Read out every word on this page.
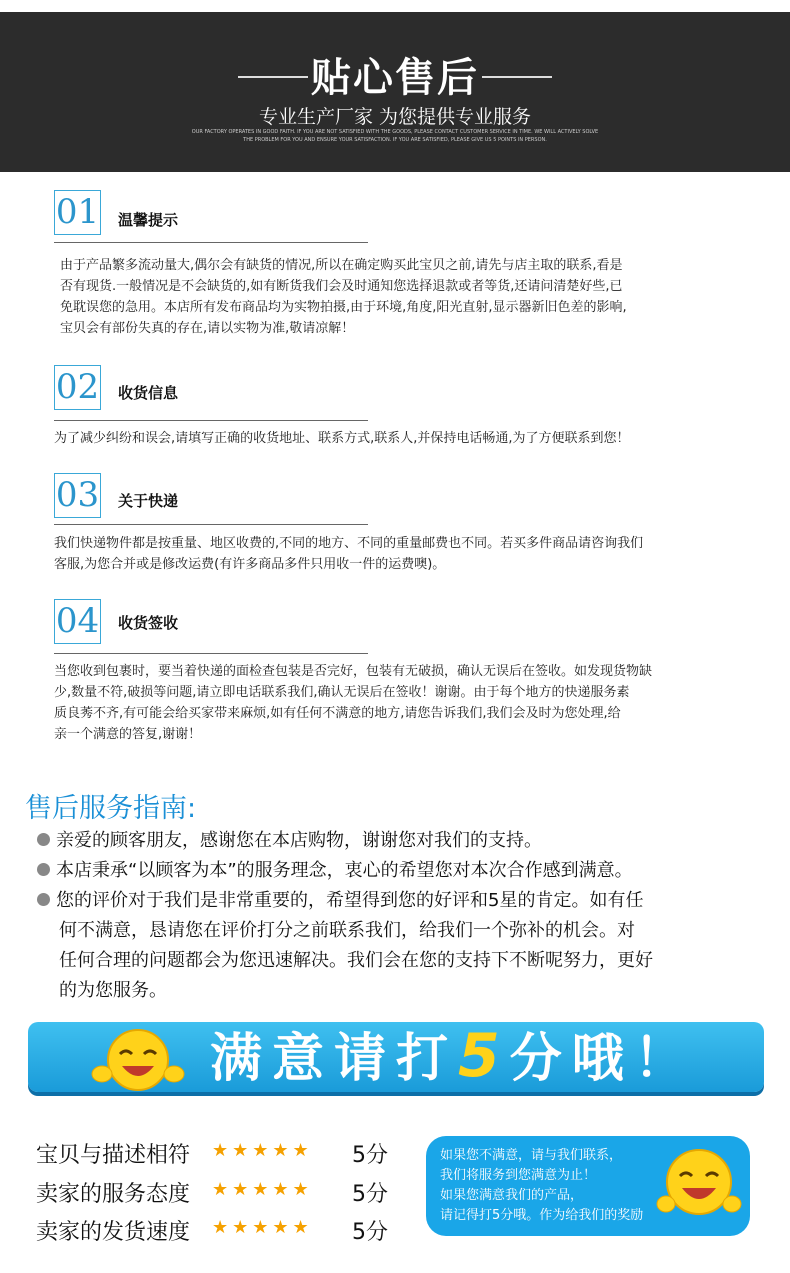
贴心售后
专业生产厂家 为您提供专业服务
OUR FACTORY OPERATES IN GOOD FAITH. IF YOU ARE NOT SATISFIED WITH THE GOODS, PLEASE CONTACT CUSTOMER SERVICE IN TIME. WE WILL ACTIVELY SOLVE THE PROBLEM FOR YOU AND ENSURE YOUR SATISFACTION. IF YOU ARE SATISFIED, PLEASE GIVE US 5 POINTS IN PERSON.
01 温馨提示
由于产品繁多流动量大,偶尔会有缺货的情况,所以在确定购买此宝贝之前,请先与店主取的联系,看是
否有现货.一般情况是不会缺货的,如有断货我们会及时通知您选择退款或者等货,还请问清楚好些,已
免耽误您的急用。本店所有发布商品均为实物拍摄,由于环境,角度,阳光直射,显示器新旧色差的影响,
宝贝会有部份失真的存在,请以实物为准,敬请凉解！
02 收货信息
为了减少纠纷和误会,请填写正确的收货地址、联系方式,联系人,并保持电话畅通,为了方便联系到您！
03 关于快递
我们快递物件都是按重量、地区收费的,不同的地方、不同的重量邮费也不同。若买多件商品请咨询我们
客服,为您合并或是修改运费(有许多商品多件只用收一件的运费噢)。
04 收货签收
当您收到包裹时，要当着快递的面检查包装是否完好，包装有无破损，确认无误后在签收。如发现货物缺
少,数量不符,破损等问题,请立即电话联系我们,确认无误后在签收！谢谢。由于每个地方的快递服务素
质良莠不齐,有可能会给买家带来麻烦,如有任何不满意的地方,请您告诉我们,我们会及时为您处理,给
亲一个满意的答复,谢谢！
售后服务指南:
亲爱的顾客朋友，感谢您在本店购物，谢谢您对我们的支持。
本店秉承“以顾客为本”的服务理念，衷心的希望您对本次合作感到满意。
您的评价对于我们是非常重要的，希望得到您的好评和5星的肯定。如有任
何不满意，恳请您在评价打分之前联系我们，给我们一个弥补的机会。对
任何合理的问题都会为您迅速解决。我们会在您的支持下不断呢努力，更好
的为您服务。
满意请打5分哦！
宝贝与描述相符 ★★★★★	5分
卖家的服务态度 ★★★★★	5分
卖家的发货速度 ★★★★★	5分
如果您不满意，请与我们联系，
我们将服务到您满意为止！
如果您满意我们的产品，
请记得打5分哦。作为给我们的奖励
